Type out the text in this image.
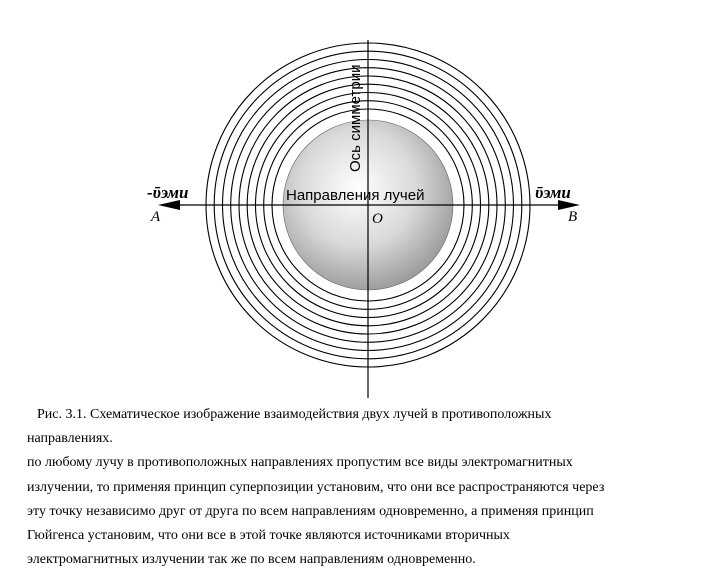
Ось симметрии
Направления лучей
A	O	B
-ῡэми	ῡэми

Рис. 3.1. Схематическое изображение взаимодействия двух лучей в противоположных

направлениях.

по любому лучу в противоположных направлениях пропустим все виды электромагнитных

излучении, то применяя принцип суперпозиции установим, что они все распространяются через

эту точку независимо друг от друга по всем направлениям одновременно, а применяя принцип

Гюйгенса установим, что они все в этой точке являются источниками вторичных

электромагнитных излучении так же по всем направлениям одновременно.
